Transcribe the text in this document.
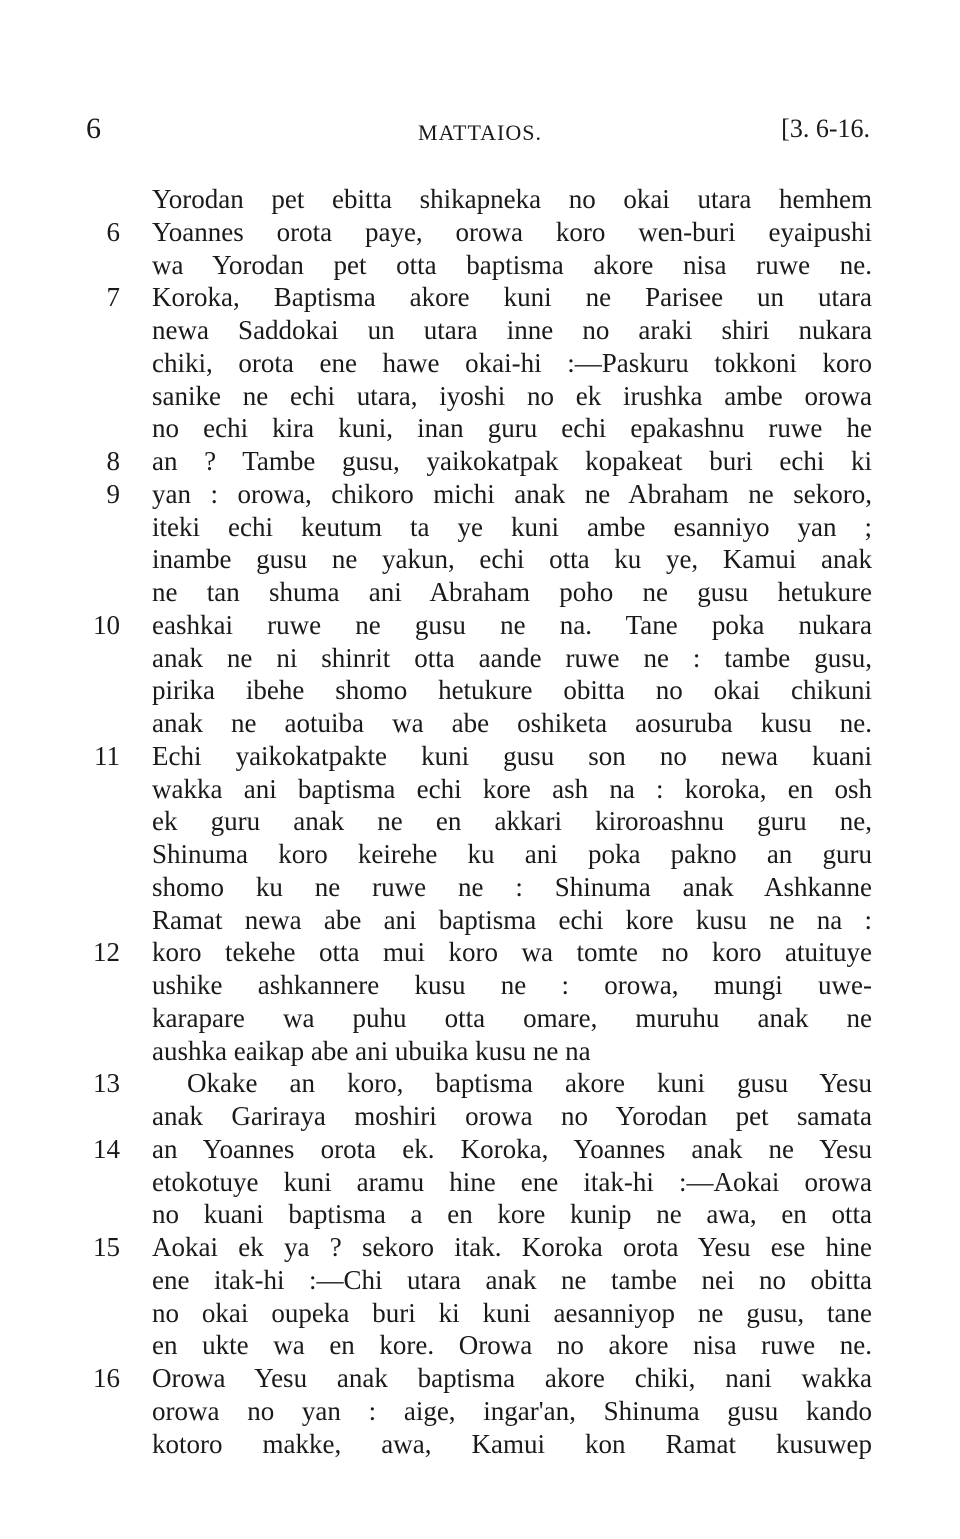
6	MATTAIOS.	[3. 6-16.
Yorodan pet ebitta shikapneka no okai utara hemhem
6 Yoannes orota paye, orowa koro wen-buri eyaipushi
wa Yorodan pet otta baptisma akore nisa ruwe ne.
7 Koroka, Baptisma akore kuni ne Parisee un utara
newa Saddokai un utara inne no araki shiri nukara
chiki, orota ene hawe okai-hi :—Paskuru tokkoni koro
sanike ne echi utara, iyoshi no ek irushka ambe orowa
no echi kira kuni, inan guru echi epakashnu ruwe he
8 an ? Tambe gusu, yaikokatpak kopakeat buri echi ki
9 yan : orowa, chikoro michi anak ne Abraham ne sekoro,
iteki echi keutum ta ye kuni ambe esanniyo yan ;
inambe gusu ne yakun, echi otta ku ye, Kamui anak
ne tan shuma ani Abraham poho ne gusu hetukure
10 eashkai ruwe ne gusu ne na. Tane poka nukara
anak ne ni shinrit otta aande ruwe ne : tambe gusu,
pirika ibehe shomo hetukure obitta no okai chikuni
anak ne aotuiba wa abe oshiketa aosuruba kusu ne.
11 Echi yaikokatpakte kuni gusu son no newa kuani
wakka ani baptisma echi kore ash na : koroka, en osh
ek guru anak ne en akkari kiroroashnu guru ne,
Shinuma koro keirehe ku ani poka pakno an guru
shomo ku ne ruwe ne : Shinuma anak Ashkanne
Ramat newa abe ani baptisma echi kore kusu ne na :
12 koro tekehe otta mui koro wa tomte no koro atuituye
ushike ashkannere kusu ne : orowa, mungi uwe-
karapare wa puhu otta omare, muruhu anak ne
aushka eaikap abe ani ubuika kusu ne na
13 Okake an koro, baptisma akore kuni gusu Yesu
anak Gariraya moshiri orowa no Yorodan pet samata
14 an Yoannes orota ek. Koroka, Yoannes anak ne Yesu
etokotuye kuni aramu hine ene itak-hi :—Aokai orowa
no kuani baptisma a en kore kunip ne awa, en otta
15 Aokai ek ya ? sekoro itak. Koroka orota Yesu ese hine
ene itak-hi :—Chi utara anak ne tambe nei no obitta
no okai oupeka buri ki kuni aesanniyop ne gusu, tane
en ukte wa en kore. Orowa no akore nisa ruwe ne.
16 Orowa Yesu anak baptisma akore chiki, nani wakka
orowa no yan : aige, ingar'an, Shinuma gusu kando
kotoro makke, awa, Kamui kon Ramat kusuwep
